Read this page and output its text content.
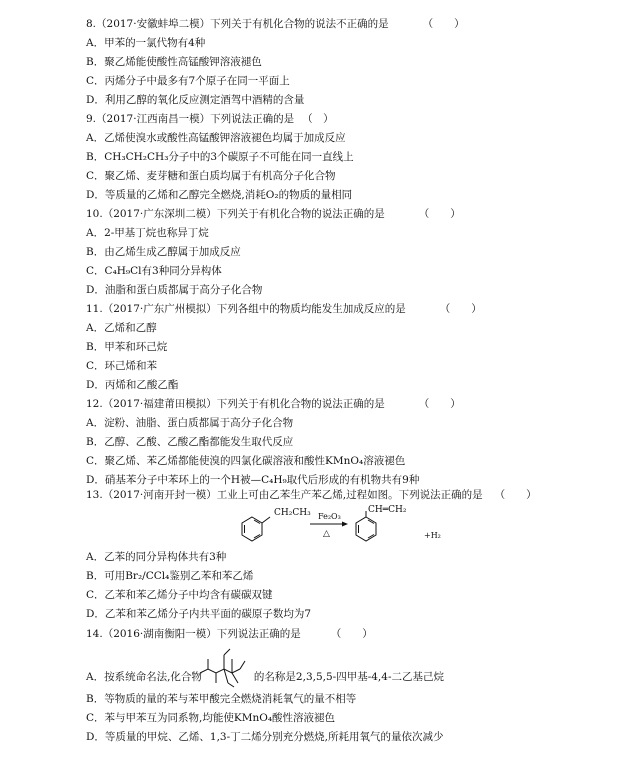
8.（2017·安徽蚌埠二模）下列关于有机化合物的说法不正确的是	（　　）
A．甲苯的一氯代物有4种
B．聚乙烯能使酸性高锰酸钾溶液褪色
C．丙烯分子中最多有7个原子在同一平面上
D．利用乙醇的氧化反应测定酒驾中酒精的含量
9.（2017·江西南昌一模）下列说法正确的是 （　）
A．乙烯使溴水或酸性高锰酸钾溶液褪色均属于加成反应
B．CH₃CH₂CH₃分子中的3个碳原子不可能在同一直线上
C．聚乙烯、麦芽糖和蛋白质均属于有机高分子化合物
D．等质量的乙烯和乙醇完全燃烧,消耗O₂的物质的量相同
10.（2017·广东深圳二模）下列关于有机化合物的说法正确的是	（　　）
A．2-甲基丁烷也称异丁烷
B．由乙烯生成乙醇属于加成反应
C．C₄H₉Cl有3种同分异构体
D．油脂和蛋白质都属于高分子化合物
11.（2017·广东广州模拟）下列各组中的物质均能发生加成反应的是	（　　）
A．乙烯和乙醇
B．甲苯和环己烷
C．环己烯和苯
D．丙烯和乙酸乙酯
12.（2017·福建莆田模拟）下列关于有机化合物的说法正确的是	（　　）
A．淀粉、油脂、蛋白质都属于高分子化合物
B．乙醇、乙酸、乙酸乙酯都能发生取代反应
C．聚乙烯、苯乙烯都能使溴的四氯化碳溶液和酸性KMnO₄溶液褪色
D．硝基苯分子中苯环上的一个H被—C₄H₉取代后形成的有机物共有9种
13.（2017·河南开封一模）工业上可由乙苯生产苯乙烯,过程如图。下列说法正确的是 （　　）
CH₂CH₃ Fe₂O₃
△
CH═CH₂
+H₂
A．乙苯的同分异构体共有3种
B．可用Br₂/CCl₄鉴别乙苯和苯乙烯
C．乙苯和苯乙烯分子中均含有碳碳双键
D．乙苯和苯乙烯分子内共平面的碳原子数均为7
14.（2016·湖南衡阳一模）下列说法正确的是	（　　）
A．按系统命名法,化合物	的名称是2,3,5,5-四甲基-4,4-二乙基己烷
B．等物质的量的苯与苯甲酸完全燃烧消耗氧气的量不相等
C．苯与甲苯互为同系物,均能使KMnO₄酸性溶液褪色
D．等质量的甲烷、乙烯、1,3-丁二烯分别充分燃烧,所耗用氧气的量依次减少
